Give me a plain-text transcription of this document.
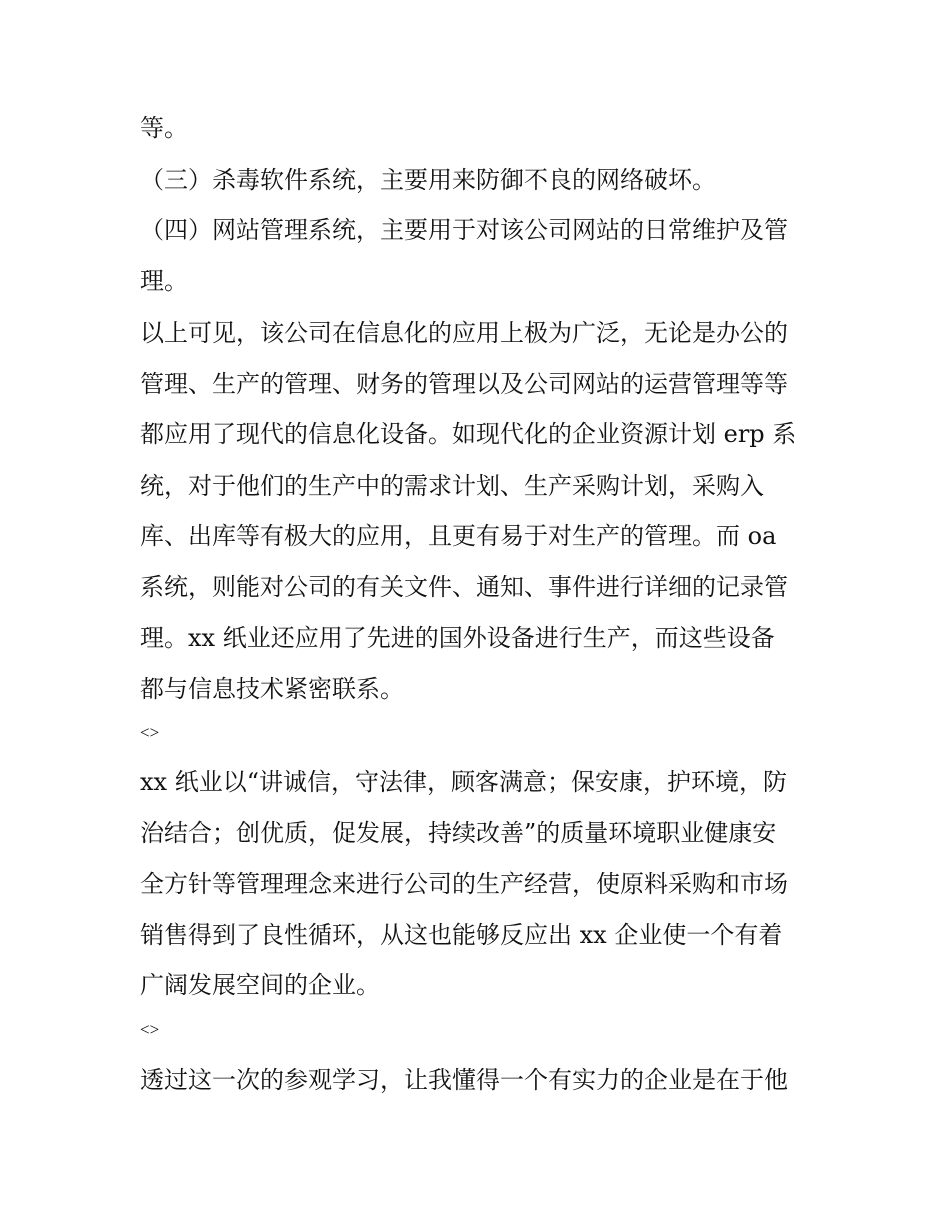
等。
（三）杀毒软件系统，主要用来防御不良的网络破坏。
（四）网站管理系统，主要用于对该公司网站的日常维护及管
理。
以上可见，该公司在信息化的应用上极为广泛，无论是办公的
管理、生产的管理、财务的管理以及公司网站的运营管理等等
都应用了现代的信息化设备。如现代化的企业资源计划 erp 系
统，对于他们的生产中的需求计划、生产采购计划，采购入
库、出库等有极大的应用，且更有易于对生产的管理。而 oa
系统，则能对公司的有关文件、通知、事件进行详细的记录管
理。xx 纸业还应用了先进的国外设备进行生产，而这些设备
都与信息技术紧密联系。
<>
xx 纸业以“讲诚信，守法律，顾客满意；保安康，护环境，防
治结合；创优质，促发展，持续改善”的质量环境职业健康安
全方针等管理理念来进行公司的生产经营，使原料采购和市场
销售得到了良性循环，从这也能够反应出 xx 企业使一个有着
广阔发展空间的企业。
<>
透过这一次的参观学习，让我懂得一个有实力的企业是在于他
